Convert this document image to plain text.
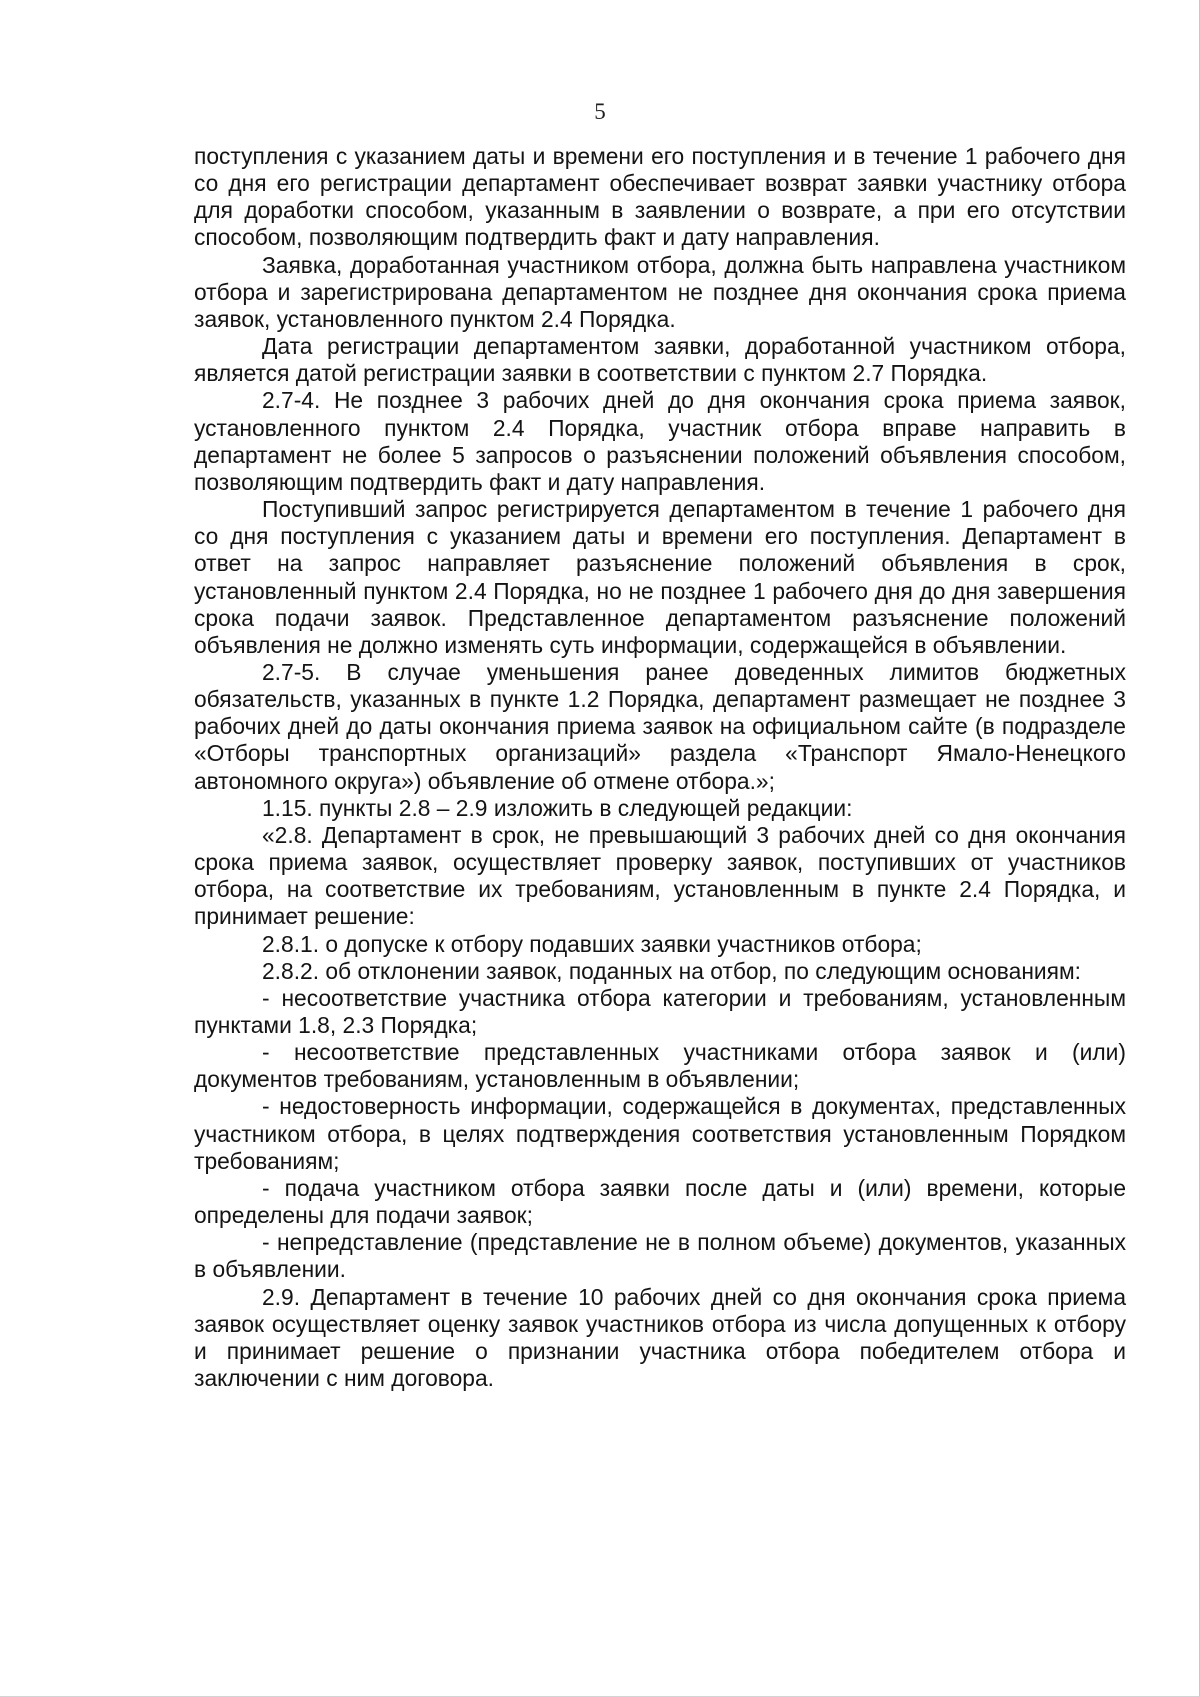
5

поступления с указанием даты и времени его поступления и в течение 1 рабочего дня со дня его регистрации департамент обеспечивает возврат заявки участнику отбора для доработки способом, указанным в заявлении о возврате, а при его отсутствии способом, позволяющим подтвердить факт и дату направления.

Заявка, доработанная участником отбора, должна быть направлена участником отбора и зарегистрирована департаментом не позднее дня окончания срока приема заявок, установленного пунктом 2.4 Порядка.

Дата регистрации департаментом заявки, доработанной участником отбора, является датой регистрации заявки в соответствии с пунктом 2.7 Порядка.

2.7-4. Не позднее 3 рабочих дней до дня окончания срока приема заявок, установленного пунктом 2.4 Порядка, участник отбора вправе направить в департамент не более 5 запросов о разъяснении положений объявления способом, позволяющим подтвердить факт и дату направления.

Поступивший запрос регистрируется департаментом в течение 1 рабочего дня со дня поступления с указанием даты и времени его поступления. Департамент в ответ на запрос направляет разъяснение положений объявления в срок, установленный пунктом 2.4 Порядка, но не позднее 1 рабочего дня до дня завершения срока подачи заявок. Представленное департаментом разъяснение положений объявления не должно изменять суть информации, содержащейся в объявлении.

2.7-5. В случае уменьшения ранее доведенных лимитов бюджетных обязательств, указанных в пункте 1.2 Порядка, департамент размещает не позднее 3 рабочих дней до даты окончания приема заявок на официальном сайте (в подразделе «Отборы транспортных организаций» раздела «Транспорт Ямало-Ненецкого автономного округа») объявление об отмене отбора.»;

1.15. пункты 2.8 – 2.9 изложить в следующей редакции:

«2.8. Департамент в срок, не превышающий 3 рабочих дней со дня окончания срока приема заявок, осуществляет проверку заявок, поступивших от участников отбора, на соответствие их требованиям, установленным в пункте 2.4 Порядка, и принимает решение:

2.8.1. о допуске к отбору подавших заявки участников отбора;

2.8.2. об отклонении заявок, поданных на отбор, по следующим основаниям:

- несоответствие участника отбора категории и требованиям, установленным пунктами 1.8, 2.3 Порядка;

- несоответствие представленных участниками отбора заявок и (или) документов требованиям, установленным в объявлении;

- недостоверность информации, содержащейся в документах, представленных участником отбора, в целях подтверждения соответствия установленным Порядком требованиям;

- подача участником отбора заявки после даты и (или) времени, которые определены для подачи заявок;

- непредставление (представление не в полном объеме) документов, указанных в объявлении.

2.9. Департамент в течение 10 рабочих дней со дня окончания срока приема заявок осуществляет оценку заявок участников отбора из числа допущенных к отбору и принимает решение о признании участника отбора победителем отбора и заключении с ним договора.
